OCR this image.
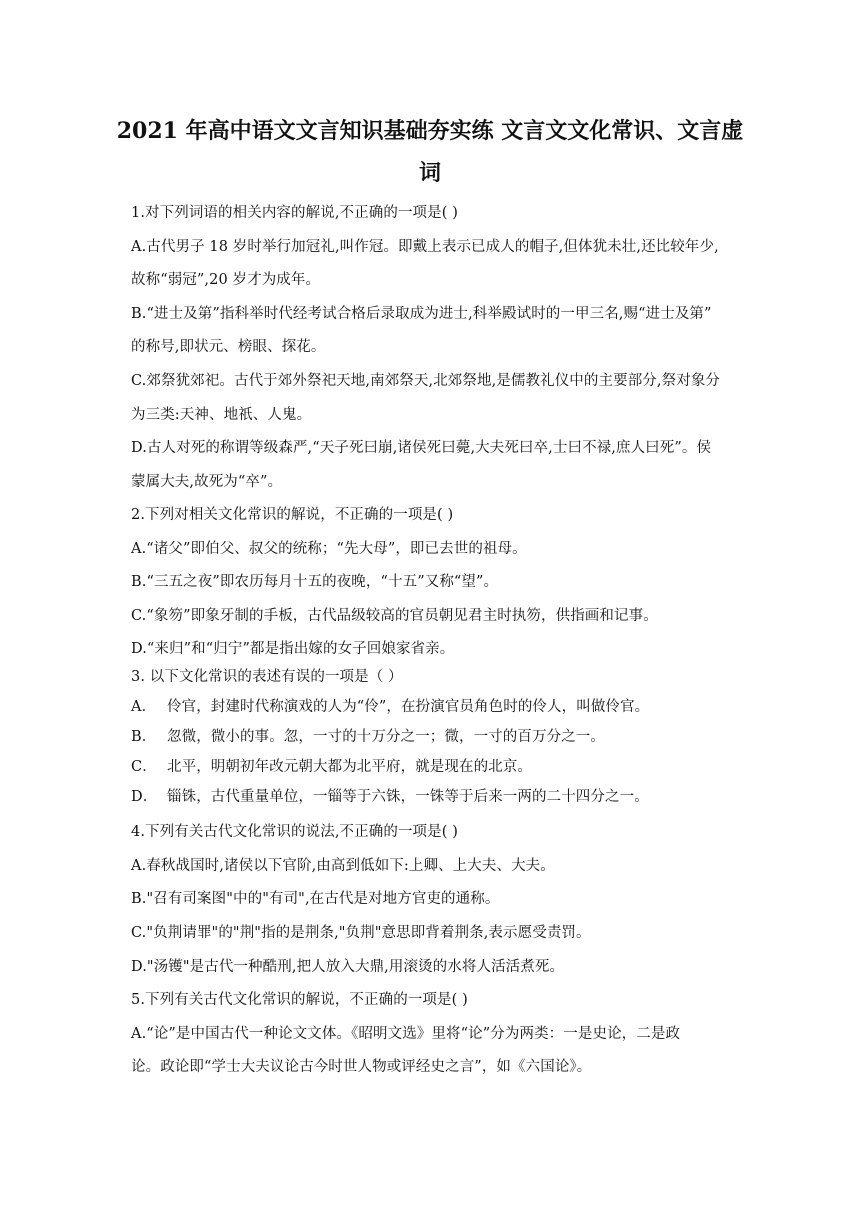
2021 年高中语文文言知识基础夯实练 文言文文化常识、文言虚
词
1.对下列词语的相关内容的解说,不正确的一项是( )
A.古代男子 18 岁时举行加冠礼,叫作冠。即戴上表示已成人的帽子,但体犹未壮,还比较年少,
故称“弱冠”,20 岁才为成年。
B.“进士及第”指科举时代经考试合格后录取成为进士,科举殿试时的一甲三名,赐“进士及第”
的称号,即状元、榜眼、探花。
C.郊祭犹郊祀。古代于郊外祭祀天地,南郊祭天,北郊祭地,是儒教礼仪中的主要部分,祭对象分
为三类:天神、地祇、人鬼。
D.古人对死的称谓等级森严,“天子死曰崩,诸侯死曰薨,大夫死曰卒,士曰不禄,庶人曰死”。侯
蒙属大夫,故死为“卒”。
2.下列对相关文化常识的解说，不正确的一项是( )
A.“诸父”即伯父、叔父的统称；“先大母”，即已去世的祖母。
B.“三五之夜”即农历每月十五的夜晚，“十五”又称“望”。
C.“象笏”即象牙制的手板，古代品级较高的官员朝见君主时执笏，供指画和记事。
D.“来归”和“归宁”都是指出嫁的女子回娘家省亲。
3. 以下文化常识的表述有误的一项是（ ）
A． 伶官，封建时代称演戏的人为“伶”，在扮演官员角色时的伶人，叫做伶官。
B． 忽微，微小的事。忽，一寸的十万分之一；微，一寸的百万分之一。
C． 北平，明朝初年改元朝大都为北平府，就是现在的北京。
D． 锱铢，古代重量单位，一锱等于六铢，一铢等于后来一两的二十四分之一。
4.下列有关古代文化常识的说法,不正确的一项是( )
A.春秋战国时,诸侯以下官阶,由高到低如下:上卿、上大夫、大夫。
B."召有司案图"中的"有司",在古代是对地方官吏的通称。
C."负荆请罪"的"荆"指的是荆条,"负荆"意思即背着荆条,表示愿受责罚。
D."汤镬"是古代一种酷刑,把人放入大鼎,用滚烫的水将人活活煮死。
5.下列有关古代文化常识的解说，不正确的一项是( )
A.“论”是中国古代一种论文文体。《昭明文选》里将“论”分为两类：一是史论，二是政
论。政论即“学士大夫议论古今时世人物或评经史之言”，如《六国论》。
